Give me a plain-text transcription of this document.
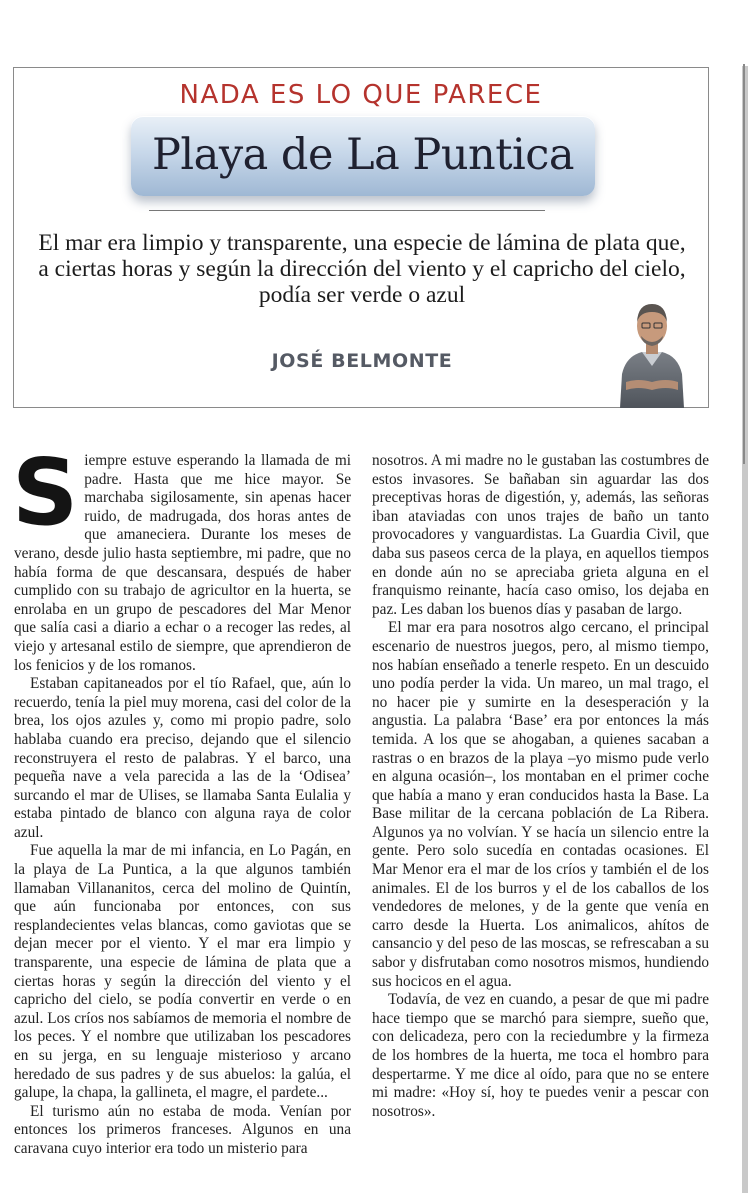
NADA ES LO QUE PARECE
Playa de La Puntica
El mar era limpio y transparente, una especie de lámina de plata que, a ciertas horas y según la dirección del viento y el capricho del cielo, podía ser verde o azul
JOSÉ BELMONTE

Siempre estuve esperando la llamada de mi padre. Hasta que me hice mayor. Se marchaba sigilosamente, sin apenas hacer ruido, de madrugada, dos horas antes de que amaneciera. Durante los meses de verano, desde julio hasta septiembre, mi padre, que no había forma de que descansara, después de haber cumplido con su trabajo de agricultor en la huerta, se enrolaba en un grupo de pescadores del Mar Menor que salía casi a diario a echar o a recoger las redes, al viejo y artesanal estilo de siempre, que aprendieron de los fenicios y de los romanos.

Estaban capitaneados por el tío Rafael, que, aún lo recuerdo, tenía la piel muy morena, casi del color de la brea, los ojos azules y, como mi propio padre, solo hablaba cuando era preciso, dejando que el silencio reconstruyera el resto de palabras. Y el barco, una pequeña nave a vela parecida a las de la ‘Odisea’ surcando el mar de Ulises, se llamaba Santa Eulalia y estaba pintado de blanco con alguna raya de color azul.

Fue aquella la mar de mi infancia, en Lo Pagán, en la playa de La Puntica, a la que algunos también llamaban Villananitos, cerca del molino de Quintín, que aún funcionaba por entonces, con sus resplandecientes velas blancas, como gaviotas que se dejan mecer por el viento. Y el mar era limpio y transparente, una especie de lámina de plata que a ciertas horas y según la dirección del viento y el capricho del cielo, se podía convertir en verde o en azul. Los críos nos sabíamos de memoria el nombre de los peces. Y el nombre que utilizaban los pescadores en su jerga, en su lenguaje misterioso y arcano heredado de sus padres y de sus abuelos: la galúa, el galupe, la chapa, la gallineta, el magre, el pardete...

El turismo aún no estaba de moda. Venían por entonces los primeros franceses. Algunos en una caravana cuyo interior era todo un misterio para

nosotros. A mi madre no le gustaban las costumbres de estos invasores. Se bañaban sin aguardar las dos preceptivas horas de digestión, y, además, las señoras iban ataviadas con unos trajes de baño un tanto provocadores y vanguardistas. La Guardia Civil, que daba sus paseos cerca de la playa, en aquellos tiempos en donde aún no se apreciaba grieta alguna en el franquismo reinante, hacía caso omiso, los dejaba en paz. Les daban los buenos días y pasaban de largo.

El mar era para nosotros algo cercano, el principal escenario de nuestros juegos, pero, al mismo tiempo, nos habían enseñado a tenerle respeto. En un descuido uno podía perder la vida. Un mareo, un mal trago, el no hacer pie y sumirte en la desesperación y la angustia. La palabra ‘Base’ era por entonces la más temida. A los que se ahogaban, a quienes sacaban a rastras o en brazos de la playa –yo mismo pude verlo en alguna ocasión–, los montaban en el primer coche que había a mano y eran conducidos hasta la Base. La Base militar de la cercana población de La Ribera. Algunos ya no volvían. Y se hacía un silencio entre la gente. Pero solo sucedía en contadas ocasiones. El Mar Menor era el mar de los críos y también el de los animales. El de los burros y el de los caballos de los vendedores de melones, y de la gente que venía en carro desde la Huerta. Los animalicos, ahítos de cansancio y del peso de las moscas, se refrescaban a su sabor y disfrutaban como nosotros mismos, hundiendo sus hocicos en el agua.

Todavía, de vez en cuando, a pesar de que mi padre hace tiempo que se marchó para siempre, sueño que, con delicadeza, pero con la reciedumbre y la firmeza de los hombres de la huerta, me toca el hombro para despertarme. Y me dice al oído, para que no se entere mi madre: «Hoy sí, hoy te puedes venir a pescar con nosotros».
